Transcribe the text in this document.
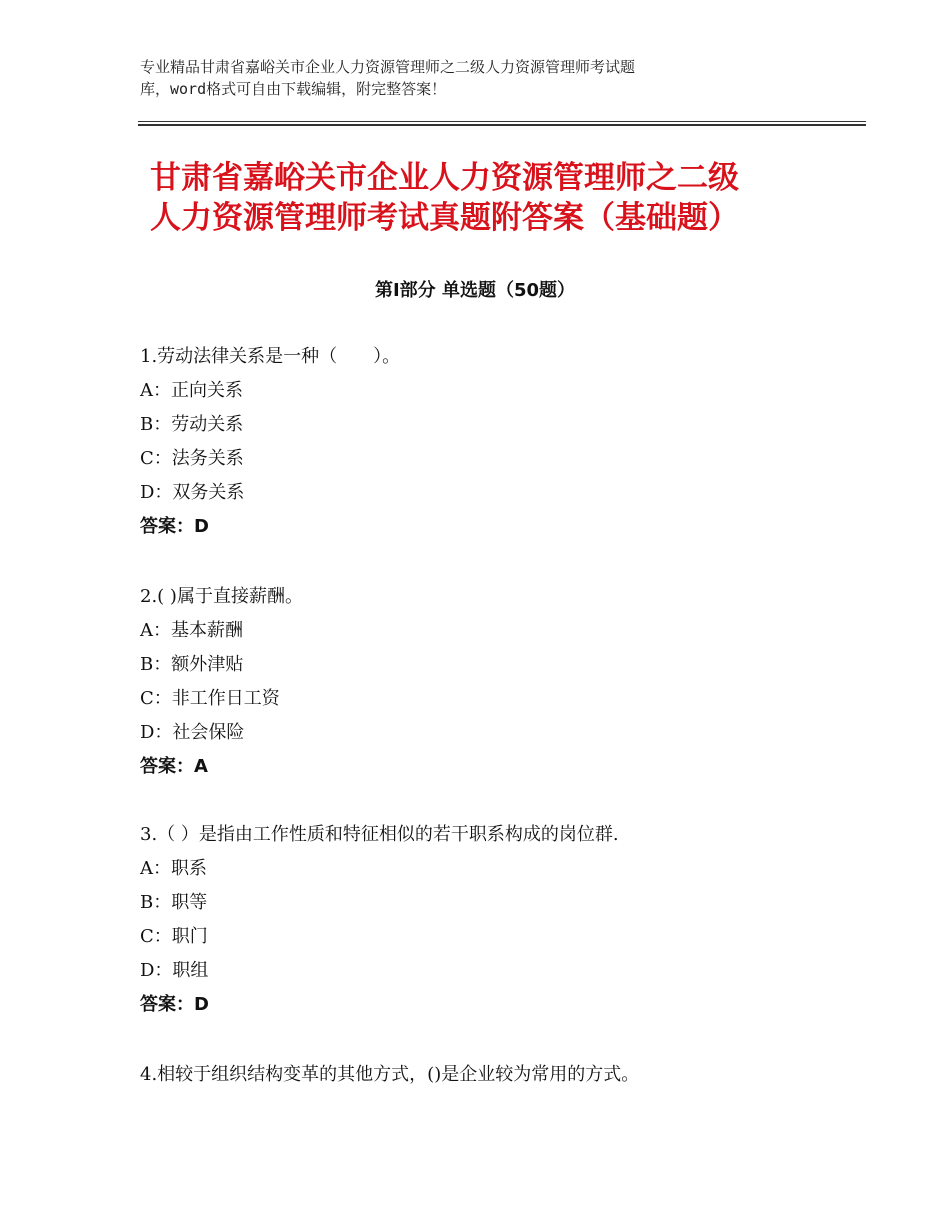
专业精品甘肃省嘉峪关市企业人力资源管理师之二级人力资源管理师考试题
库，word格式可自由下载编辑，附完整答案！
甘肃省嘉峪关市企业人力资源管理师之二级
人力资源管理师考试真题附答案（基础题）
第Ⅰ部分 单选题（50题）
1.劳动法律关系是一种（　　）。
A：正向关系
B：劳动关系
C：法务关系
D：双务关系
答案：D
2.( )属于直接薪酬。
A：基本薪酬
B：额外津贴
C：非工作日工资
D：社会保险
答案：A
3.（ ）是指由工作性质和特征相似的若干职系构成的岗位群.
A：职系
B：职等
C：职门
D：职组
答案：D
4.相较于组织结构变革的其他方式，()是企业较为常用的方式。
